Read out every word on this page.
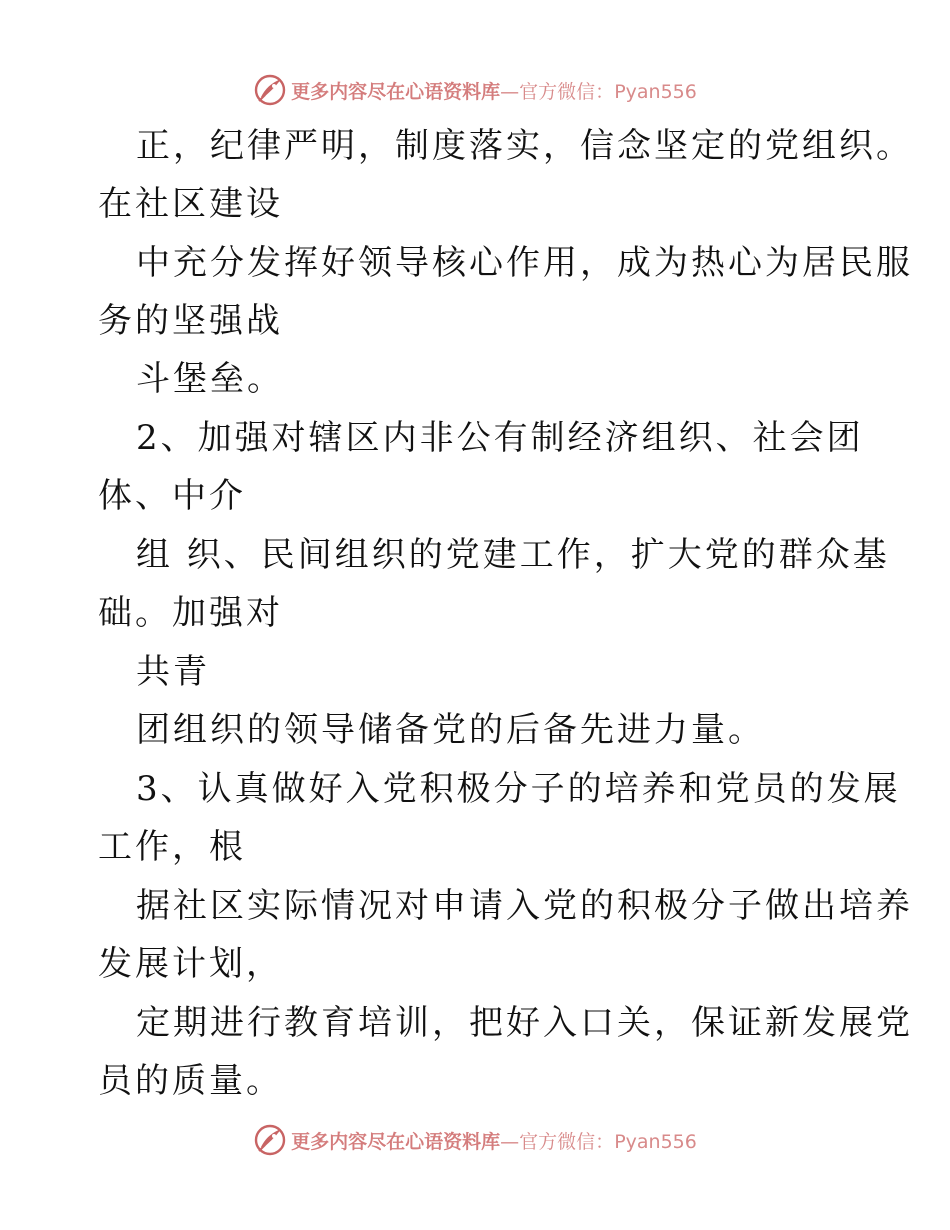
更多内容尽在心语资料库—官方微信：Pyan556
正，纪律严明，制度落实，信念坚定的党组织。
在社区建设
中充分发挥好领导核心作用，成为热心为居民服
务的坚强战
斗堡垒。
2、加强对辖区内非公有制经济组织、社会团
体、中介
组 织、民间组织的党建工作，扩大党的群众基
础。加强对
共青
团组织的领导储备党的后备先进力量。
3、认真做好入党积极分子的培养和党员的发展
工作，根
据社区实际情况对申请入党的积极分子做出培养
发展计划，
定期进行教育培训，把好入口关，保证新发展党
员的质量。
更多内容尽在心语资料库—官方微信：Pyan556
